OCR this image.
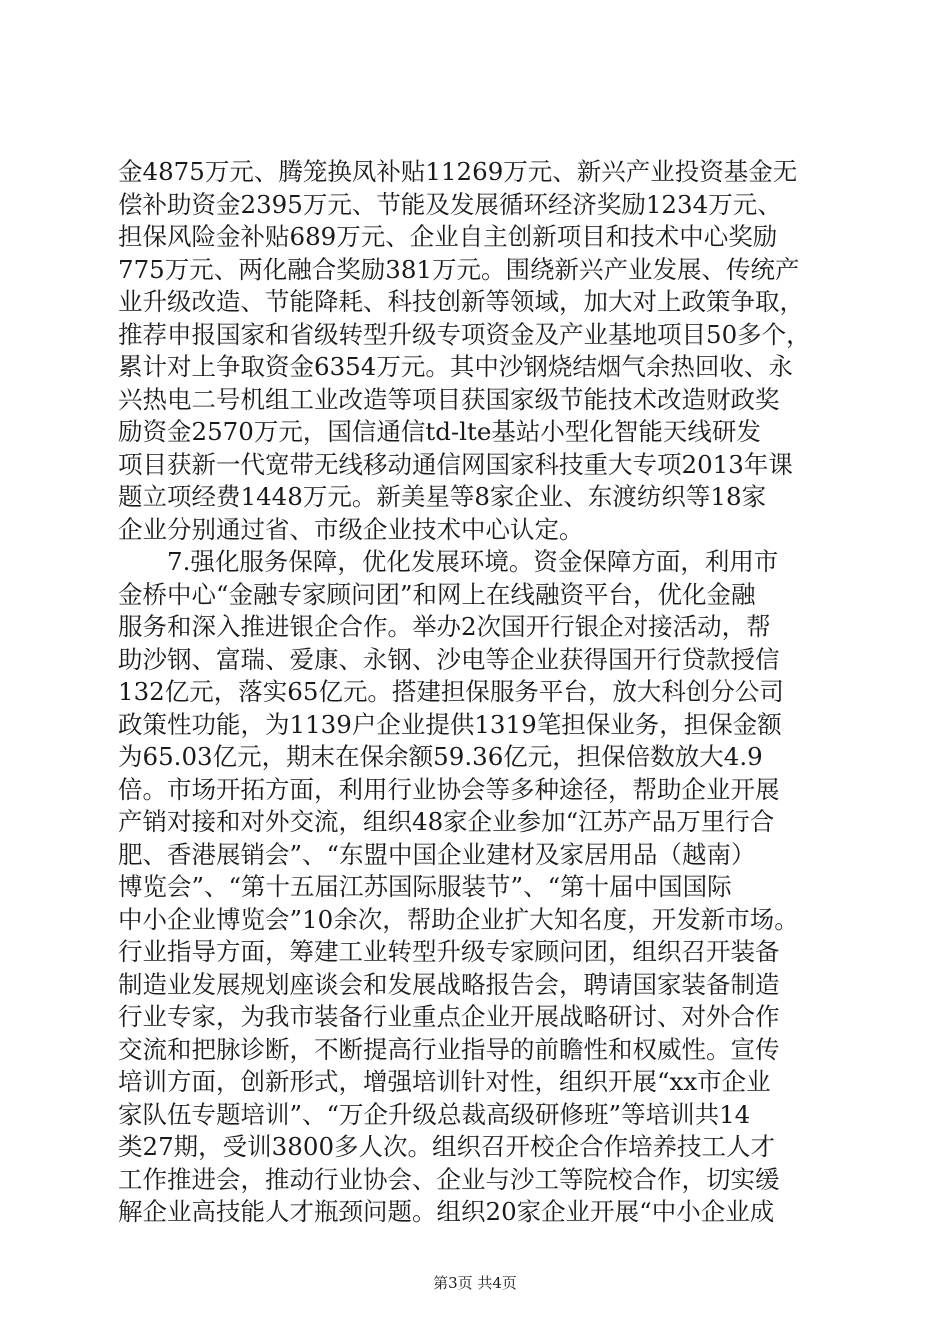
金4875万元、腾笼换凤补贴11269万元、新兴产业投资基金无
偿补助资金2395万元、节能及发展循环经济奖励1234万元、
担保风险金补贴689万元、企业自主创新项目和技术中心奖励
775万元、两化融合奖励381万元。围绕新兴产业发展、传统产
业升级改造、节能降耗、科技创新等领域，加大对上政策争取，
推荐申报国家和省级转型升级专项资金及产业基地项目50多个，
累计对上争取资金6354万元。其中沙钢烧结烟气余热回收、永
兴热电二号机组工业改造等项目获国家级节能技术改造财政奖
励资金2570万元，国信通信td-lte基站小型化智能天线研发
项目获新一代宽带无线移动通信网国家科技重大专项2013年课
题立项经费1448万元。新美星等8家企业、东渡纺织等18家
企业分别通过省、市级企业技术中心认定。
　　7.强化服务保障，优化发展环境。资金保障方面，利用市
金桥中心“金融专家顾问团”和网上在线融资平台，优化金融
服务和深入推进银企合作。举办2次国开行银企对接活动，帮
助沙钢、富瑞、爱康、永钢、沙电等企业获得国开行贷款授信
132亿元，落实65亿元。搭建担保服务平台，放大科创分公司
政策性功能，为1139户企业提供1319笔担保业务，担保金额
为65.03亿元，期末在保余额59.36亿元，担保倍数放大4.9
倍。市场开拓方面，利用行业协会等多种途径，帮助企业开展
产销对接和对外交流，组织48家企业参加“江苏产品万里行合
肥、香港展销会”、“东盟中国企业建材及家居用品（越南）
博览会”、“第十五届江苏国际服装节”、“第十届中国国际
中小企业博览会”10余次，帮助企业扩大知名度，开发新市场。
行业指导方面，筹建工业转型升级专家顾问团，组织召开装备
制造业发展规划座谈会和发展战略报告会，聘请国家装备制造
行业专家，为我市装备行业重点企业开展战略研讨、对外合作
交流和把脉诊断，不断提高行业指导的前瞻性和权威性。宣传
培训方面，创新形式，增强培训针对性，组织开展“xx市企业
家队伍专题培训”、“万企升级总裁高级研修班”等培训共14
类27期，受训3800多人次。组织召开校企合作培养技工人才
工作推进会，推动行业协会、企业与沙工等院校合作，切实缓
解企业高技能人才瓶颈问题。组织20家企业开展“中小企业成
第3页 共4页
